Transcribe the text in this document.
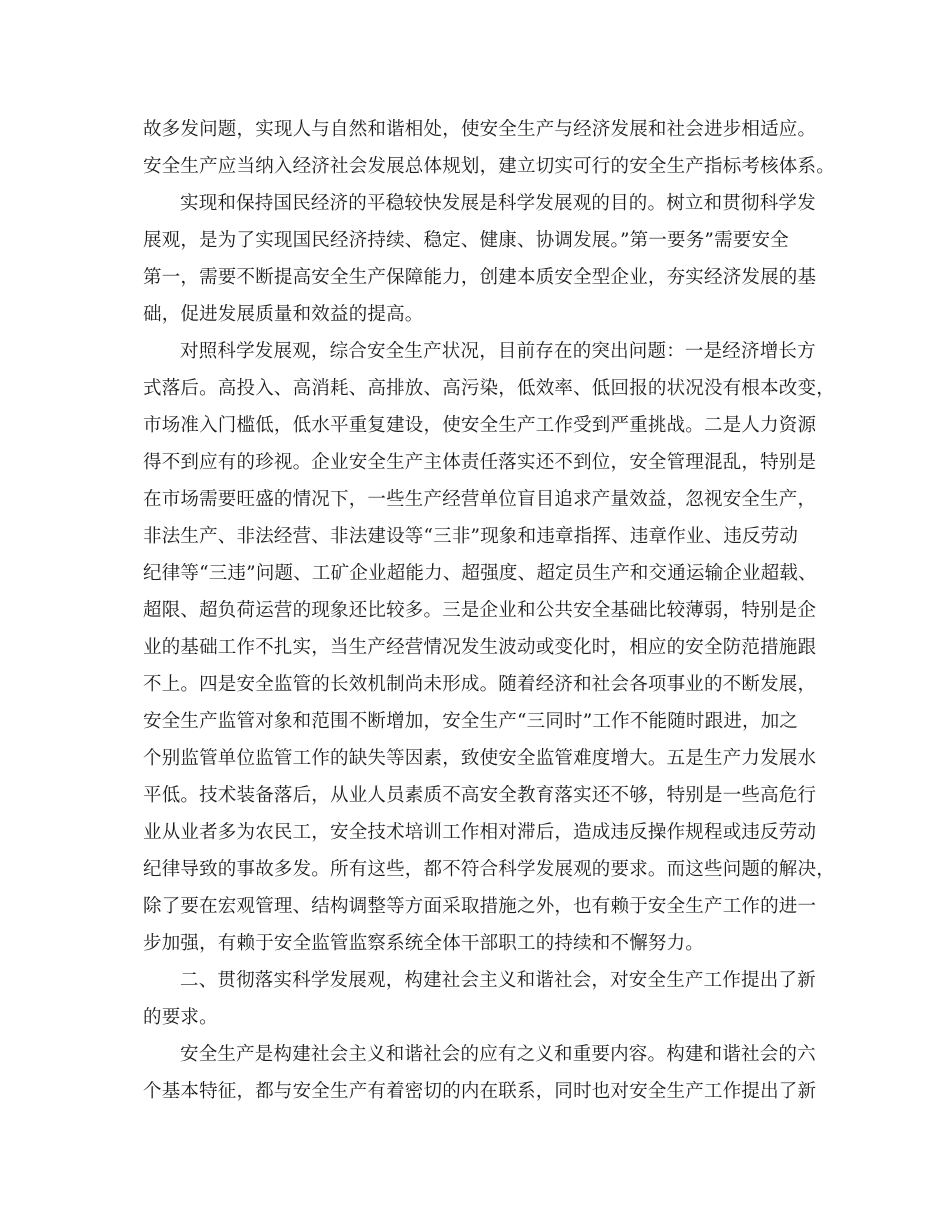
故多发问题，实现人与自然和谐相处，使安全生产与经济发展和社会进步相适应。
安全生产应当纳入经济社会发展总体规划，建立切实可行的安全生产指标考核体系。
实现和保持国民经济的平稳较快发展是科学发展观的目的。树立和贯彻科学发
展观，是为了实现国民经济持续、稳定、健康、协调发展。”第一要务”需要安全
第一，需要不断提高安全生产保障能力，创建本质安全型企业，夯实经济发展的基
础，促进发展质量和效益的提高。
对照科学发展观，综合安全生产状况，目前存在的突出问题：一是经济增长方
式落后。高投入、高消耗、高排放、高污染，低效率、低回报的状况没有根本改变，
市场准入门槛低，低水平重复建设，使安全生产工作受到严重挑战。二是人力资源
得不到应有的珍视。企业安全生产主体责任落实还不到位，安全管理混乱，特别是
在市场需要旺盛的情况下，一些生产经营单位盲目追求产量效益，忽视安全生产，
非法生产、非法经营、非法建设等“三非”现象和违章指挥、违章作业、违反劳动
纪律等“三违”问题、工矿企业超能力、超强度、超定员生产和交通运输企业超载、
超限、超负荷运营的现象还比较多。三是企业和公共安全基础比较薄弱，特别是企
业的基础工作不扎实，当生产经营情况发生波动或变化时，相应的安全防范措施跟
不上。四是安全监管的长效机制尚未形成。随着经济和社会各项事业的不断发展，
安全生产监管对象和范围不断增加，安全生产“三同时”工作不能随时跟进，加之
个别监管单位监管工作的缺失等因素，致使安全监管难度增大。五是生产力发展水
平低。技术装备落后，从业人员素质不高安全教育落实还不够，特别是一些高危行
业从业者多为农民工，安全技术培训工作相对滞后，造成违反操作规程或违反劳动
纪律导致的事故多发。所有这些，都不符合科学发展观的要求。而这些问题的解决，
除了要在宏观管理、结构调整等方面采取措施之外，也有赖于安全生产工作的进一
步加强，有赖于安全监管监察系统全体干部职工的持续和不懈努力。
二、贯彻落实科学发展观，构建社会主义和谐社会，对安全生产工作提出了新
的要求。
安全生产是构建社会主义和谐社会的应有之义和重要内容。构建和谐社会的六
个基本特征，都与安全生产有着密切的内在联系，同时也对安全生产工作提出了新
